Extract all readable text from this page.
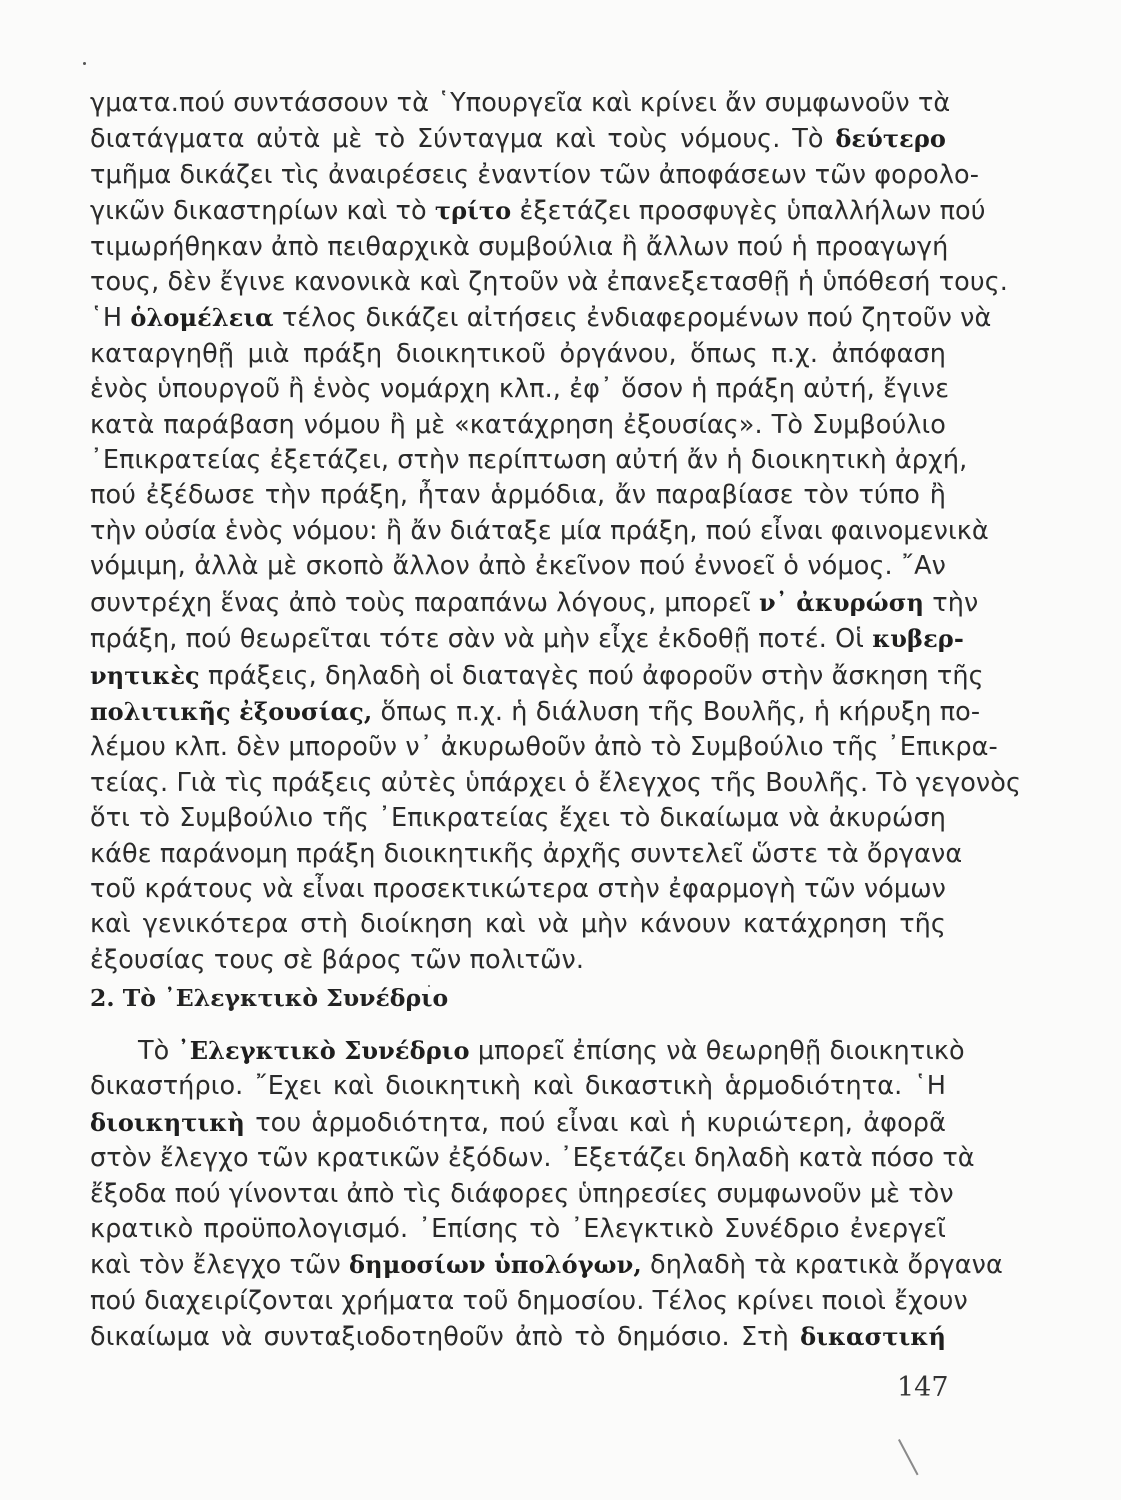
γματα.πού συντάσσουν τὰ ῾Υπουργεῖα καὶ κρίνει ἄν συμφωνοῦν τὰ
διατάγματα αὐτὰ μὲ τὸ Σύνταγμα καὶ τοὺς νόμους. Τὸ δεύτερο
τμῆμα δικάζει τὶς ἀναιρέσεις ἐναντίον τῶν ἀποφάσεων τῶν φορολο-
γικῶν δικαστηρίων καὶ τὸ τρίτο ἐξετάζει προσφυγὲς ὑπαλλήλων πού
τιμωρήθηκαν ἀπὸ πειθαρχικὰ συμβούλια ἢ ἄλλων πού ἡ προαγωγή
τους, δὲν ἔγινε κανονικὰ καὶ ζητοῦν νὰ ἐπανεξετασθῇ ἡ ὑπόθεσή τους.
῾Η ὁλομέλεια τέλος δικάζει αἰτήσεις ἐνδιαφερομένων πού ζητοῦν νὰ
καταργηθῇ μιὰ πράξη διοικητικοῦ ὀργάνου, ὅπως π.χ. ἀπόφαση
ἑνὸς ὑπουργοῦ ἢ ἑνὸς νομάρχη κλπ., ἐφ᾽ ὅσον ἡ πράξη αὐτή, ἔγινε
κατὰ παράβαση νόμου ἢ μὲ «κατάχρηση ἐξουσίας». Τὸ Συμβούλιο
᾽Επικρατείας ἐξετάζει, στὴν περίπτωση αὐτή ἄν ἡ διοικητικὴ ἀρχή,
πού ἐξέδωσε τὴν πράξη, ἦταν ἁρμόδια, ἄν παραβίασε τὸν τύπο ἢ
τὴν οὐσία ἑνὸς νόμου: ἢ ἄν διάταξε μία πράξη, πού εἶναι φαινομενικὰ
νόμιμη, ἀλλὰ μὲ σκοπὸ ἄλλον ἀπὸ ἐκεῖνον πού ἐννοεῖ ὁ νόμος. ῎Αν
συντρέχη ἕνας ἀπὸ τοὺς παραπάνω λόγους, μπορεῖ ν᾽ ἀκυρώση τὴν
πράξη, πού θεωρεῖται τότε σὰν νὰ μὴν εἶχε ἐκδοθῇ ποτέ. Οἱ κυβερ-
νητικὲς πράξεις, δηλαδὴ οἱ διαταγὲς πού ἀφοροῦν στὴν ἄσκηση τῆς
πολιτικῆς ἐξουσίας, ὅπως π.χ. ἡ διάλυση τῆς Βουλῆς, ἡ κήρυξη πο-
λέμου κλπ. δὲν μποροῦν ν᾽ ἀκυρωθοῦν ἀπὸ τὸ Συμβούλιο τῆς ᾽Επικρα-
τείας. Γιὰ τὶς πράξεις αὐτὲς ὑπάρχει ὁ ἔλεγχος τῆς Βουλῆς. Τὸ γεγονὸς
ὅτι τὸ Συμβούλιο τῆς ᾽Επικρατείας ἔχει τὸ δικαίωμα νὰ ἀκυρώση
κάθε παράνομη πράξη διοικητικῆς ἀρχῆς συντελεῖ ὥστε τὰ ὄργανα
τοῦ κράτους νὰ εἶναι προσεκτικώτερα στὴν ἐφαρμογὴ τῶν νόμων
καὶ γενικότερα στὴ διοίκηση καὶ νὰ μὴν κάνουν κατάχρηση τῆς
ἐξουσίας τους σὲ βάρος τῶν πολιτῶν.
2. Τὸ ᾽Ελεγκτικὸ Συνέδριο
Τὸ ᾽Ελεγκτικὸ Συνέδριο μπορεῖ ἐπίσης νὰ θεωρηθῇ διοικητικὸ
δικαστήριο. ῎Εχει καὶ διοικητικὴ καὶ δικαστικὴ ἁρμοδιότητα. ῾Η
διοικητικὴ του ἁρμοδιότητα, πού εἶναι καὶ ἡ κυριώτερη, ἀφορᾶ
στὸν ἔλεγχο τῶν κρατικῶν ἐξόδων. ᾽Εξετάζει δηλαδὴ κατὰ πόσο τὰ
ἔξοδα πού γίνονται ἀπὸ τὶς διάφορες ὑπηρεσίες συμφωνοῦν μὲ τὸν
κρατικὸ προϋπολογισμό. ᾽Επίσης τὸ ᾽Ελεγκτικὸ Συνέδριο ἐνεργεῖ
καὶ τὸν ἔλεγχο τῶν δημοσίων ὑπολόγων, δηλαδὴ τὰ κρατικὰ ὄργανα
πού διαχειρίζονται χρήματα τοῦ δημοσίου. Τέλος κρίνει ποιοὶ ἔχουν
δικαίωμα νὰ συνταξιοδοτηθοῦν ἀπὸ τὸ δημόσιο. Στὴ δικαστική
147
